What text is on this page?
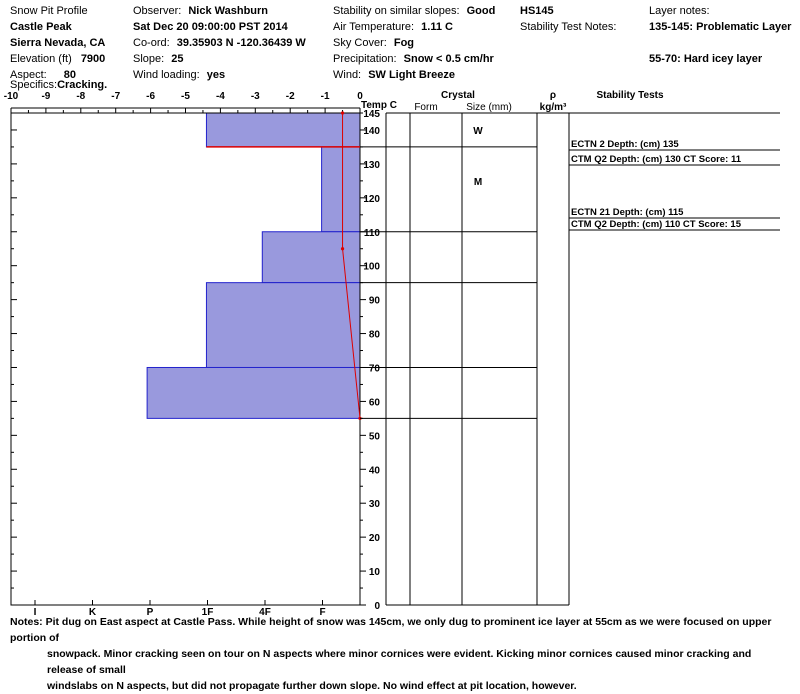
Snow Pit Profile
Castle Peak
Sierra Nevada, CA
Elevation (ft) 7900
Aspect: 80
Specifics:Cracking.
Observer: Nick Washburn
Sat Dec 20 09:00:00 PST 2014
Co-ord: 39.35903 N -120.36439 W
Slope: 25
Wind loading: yes
Stability on similar slopes: Good
Air Temperature: 1.11 C
Sky Cover: Fog
Precipitation: Snow < 0.5 cm/hr
Wind: SW Light Breeze
HS145
Stability Test Notes:
Layer notes:
135-145: Problematic Layer
55-70: Hard icey layer
-10 -9	-8	-7	-6	-5	-4	-3	-2	-1	0
0
10
20
30
40
50
60
70
80
90
100
110
120
130
140
145
I	K	P	1F	4F	F
W
M
ECTN 2 Depth: (cm) 135
CTM Q2 Depth: (cm) 130 CT Score: 11
ECTN 21 Depth: (cm) 115
CTM Q2 Depth: (cm) 110 CT Score: 15
Temp C
Crystal
Form	Size (mm)
ρ
kg/m³
Stability Tests
Notes: Pit dug on East aspect at Castle Pass. While height of snow was 145cm, we only dug to prominent ice layer at 55cm as we were focused on upper portion of
snowpack. Minor cracking seen on tour on N aspects where minor cornices were evident. Kicking minor cornices caused minor cracking and release of small
windslabs on N aspects, but did not propagate further down slope. No wind effect at pit location, however.
